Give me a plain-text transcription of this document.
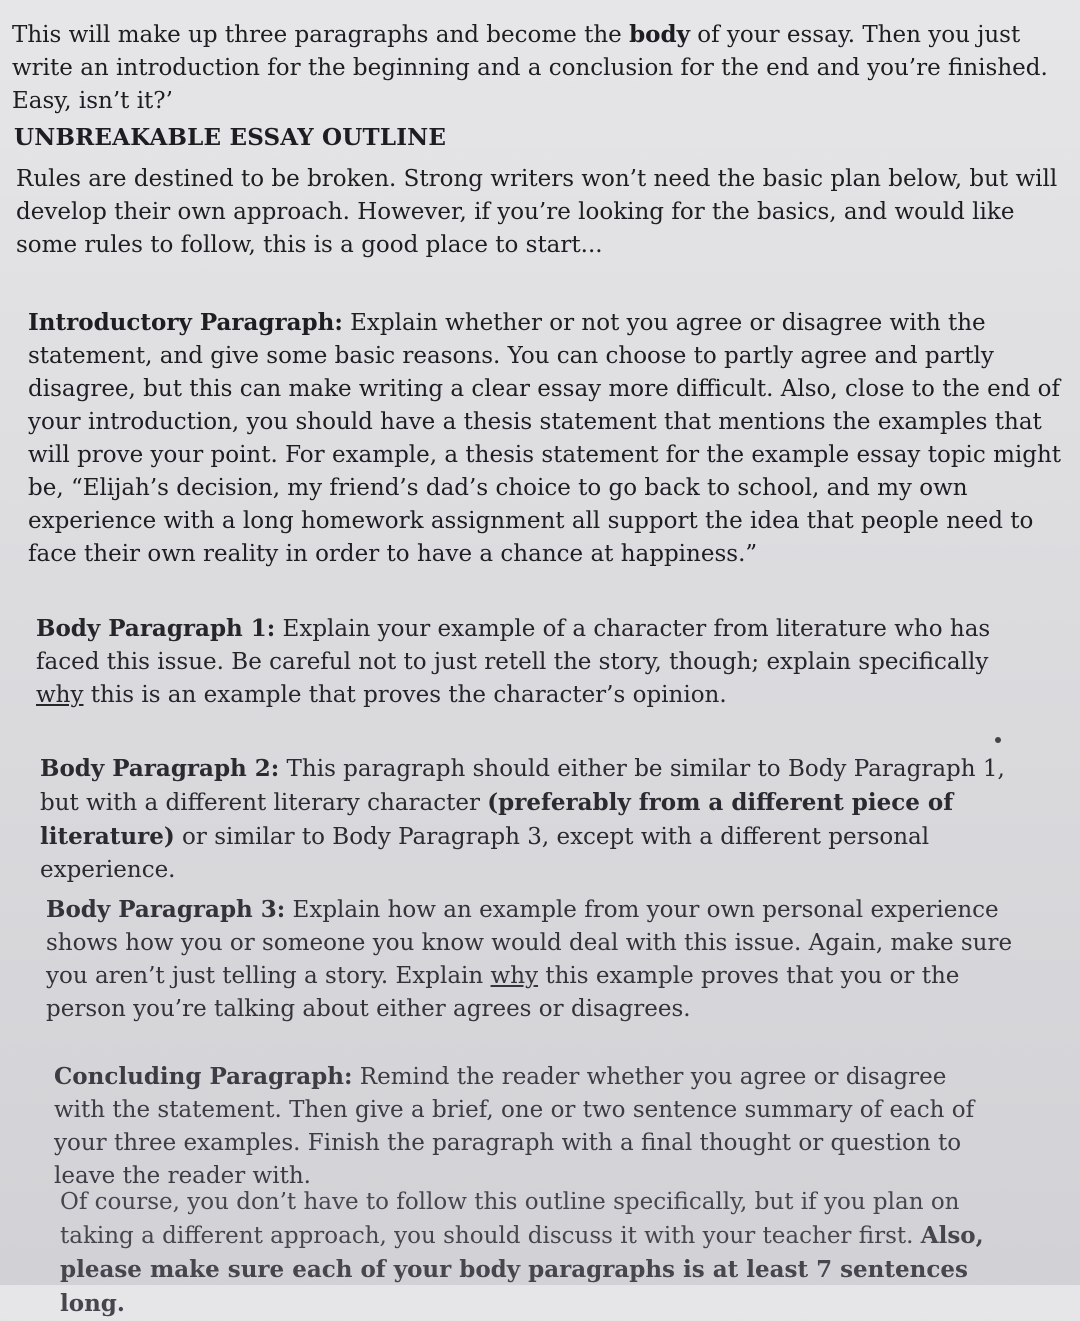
This will make up three paragraphs and become the body of your essay. Then you just write an introduction for the beginning and a conclusion for the end and you’re finished. Easy, isn’t it?’

UNBREAKABLE ESSAY OUTLINE

Rules are destined to be broken. Strong writers won’t need the basic plan below, but will develop their own approach. However, if you’re looking for the basics, and would like some rules to follow, this is a good place to start...

Introductory Paragraph: Explain whether or not you agree or disagree with the statement, and give some basic reasons. You can choose to partly agree and partly disagree, but this can make writing a clear essay more difficult. Also, close to the end of your introduction, you should have a thesis statement that mentions the examples that will prove your point. For example, a thesis statement for the example essay topic might be, “Elijah’s decision, my friend’s dad’s choice to go back to school, and my own experience with a long homework assignment all support the idea that people need to face their own reality in order to have a chance at happiness.”

Body Paragraph 1: Explain your example of a character from literature who has faced this issue. Be careful not to just retell the story, though; explain specifically why this is an example that proves the character’s opinion.

Body Paragraph 2: This paragraph should either be similar to Body Paragraph 1, but with a different literary character (preferably from a different piece of literature) or similar to Body Paragraph 3, except with a different personal experience.

Body Paragraph 3: Explain how an example from your own personal experience shows how you or someone you know would deal with this issue. Again, make sure you aren’t just telling a story. Explain why this example proves that you or the person you’re talking about either agrees or disagrees.

Concluding Paragraph: Remind the reader whether you agree or disagree with the statement. Then give a brief, one or two sentence summary of each of your three examples. Finish the paragraph with a final thought or question to leave the reader with.

Of course, you don’t have to follow this outline specifically, but if you plan on taking a different approach, you should discuss it with your teacher first. Also, please make sure each of your body paragraphs is at least 7 sentences long.
